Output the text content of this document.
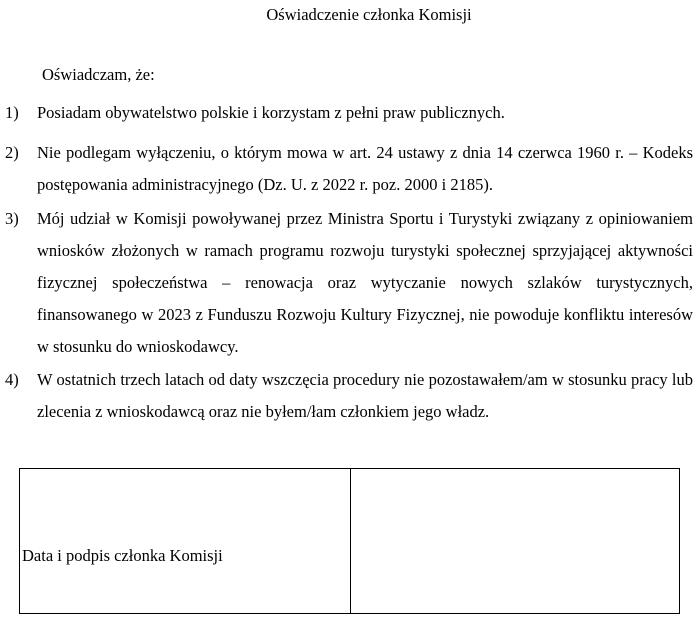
Oświadczenie członka Komisji
Oświadczam, że:
1) Posiadam obywatelstwo polskie i korzystam z pełni praw publicznych.
2) Nie podlegam wyłączeniu, o którym mowa w art. 24 ustawy z dnia 14 czerwca 1960 r. – Kodeks postępowania administracyjnego (Dz. U. z 2022 r. poz. 2000 i 2185).
3) Mój udział w Komisji powoływanej przez Ministra Sportu i Turystyki związany z opiniowaniem wniosków złożonych w ramach programu rozwoju turystyki społecznej sprzyjającej aktywności fizycznej społeczeństwa – renowacja oraz wytyczanie nowych szlaków turystycznych, finansowanego w 2023 z Funduszu Rozwoju Kultury Fizycznej, nie powoduje konfliktu interesów w stosunku do wnioskodawcy.
4) W ostatnich trzech latach od daty wszczęcia procedury nie pozostawałem/am w stosunku pracy lub zlecenia z wnioskodawcą oraz nie byłem/łam członkiem jego władz.
Data i podpis członka Komisji
